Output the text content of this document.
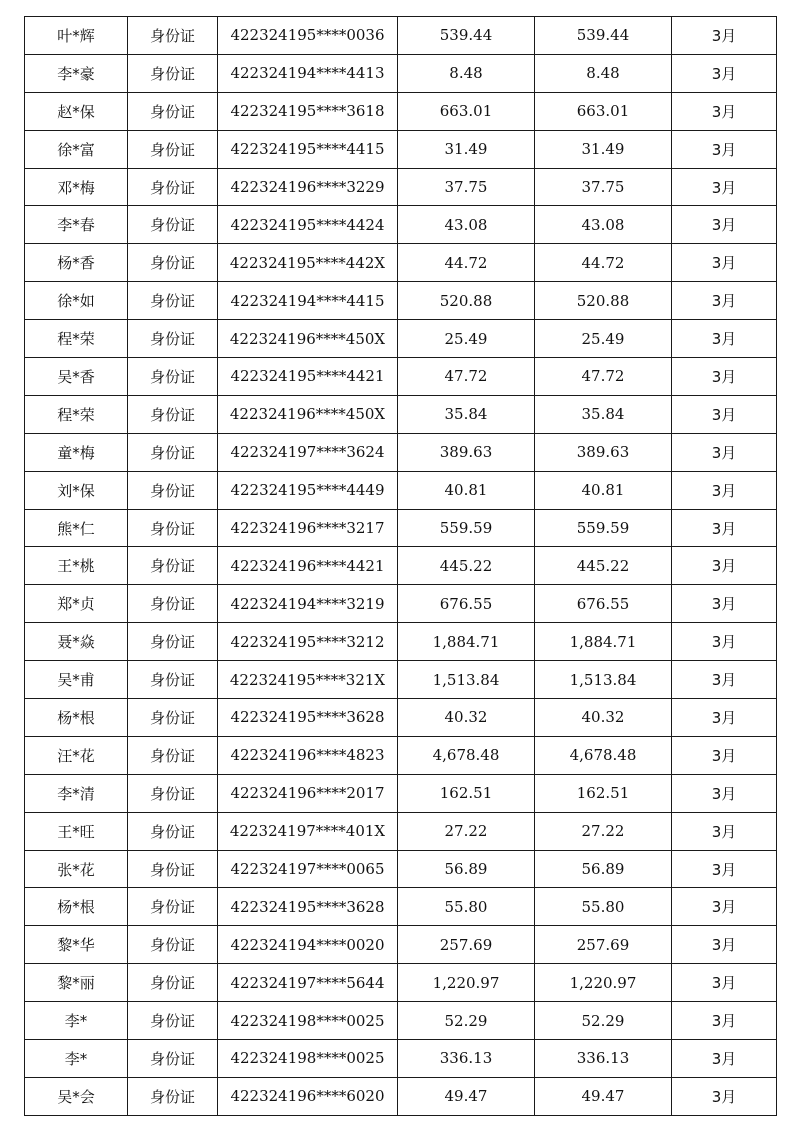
叶*辉	身份证	422324195****0036	539.44	539.44	3月
李*豪	身份证	422324194****4413	8.48	8.48	3月
赵*保	身份证	422324195****3618	663.01	663.01	3月
徐*富	身份证	422324195****4415	31.49	31.49	3月
邓*梅	身份证	422324196****3229	37.75	37.75	3月
李*春	身份证	422324195****4424	43.08	43.08	3月
杨*香	身份证	422324195****442X	44.72	44.72	3月
徐*如	身份证	422324194****4415	520.88	520.88	3月
程*荣	身份证	422324196****450X	25.49	25.49	3月
吴*香	身份证	422324195****4421	47.72	47.72	3月
程*荣	身份证	422324196****450X	35.84	35.84	3月
童*梅	身份证	422324197****3624	389.63	389.63	3月
刘*保	身份证	422324195****4449	40.81	40.81	3月
熊*仁	身份证	422324196****3217	559.59	559.59	3月
王*桃	身份证	422324196****4421	445.22	445.22	3月
郑*贞	身份证	422324194****3219	676.55	676.55	3月
聂*焱	身份证	422324195****3212	1,884.71	1,884.71	3月
吴*甫	身份证	422324195****321X	1,513.84	1,513.84	3月
杨*根	身份证	422324195****3628	40.32	40.32	3月
汪*花	身份证	422324196****4823	4,678.48	4,678.48	3月
李*清	身份证	422324196****2017	162.51	162.51	3月
王*旺	身份证	422324197****401X	27.22	27.22	3月
张*花	身份证	422324197****0065	56.89	56.89	3月
杨*根	身份证	422324195****3628	55.80	55.80	3月
黎*华	身份证	422324194****0020	257.69	257.69	3月
黎*丽	身份证	422324197****5644	1,220.97	1,220.97	3月
李*	身份证	422324198****0025	52.29	52.29	3月
李*	身份证	422324198****0025	336.13	336.13	3月
吴*会	身份证	422324196****6020	49.47	49.47	3月
